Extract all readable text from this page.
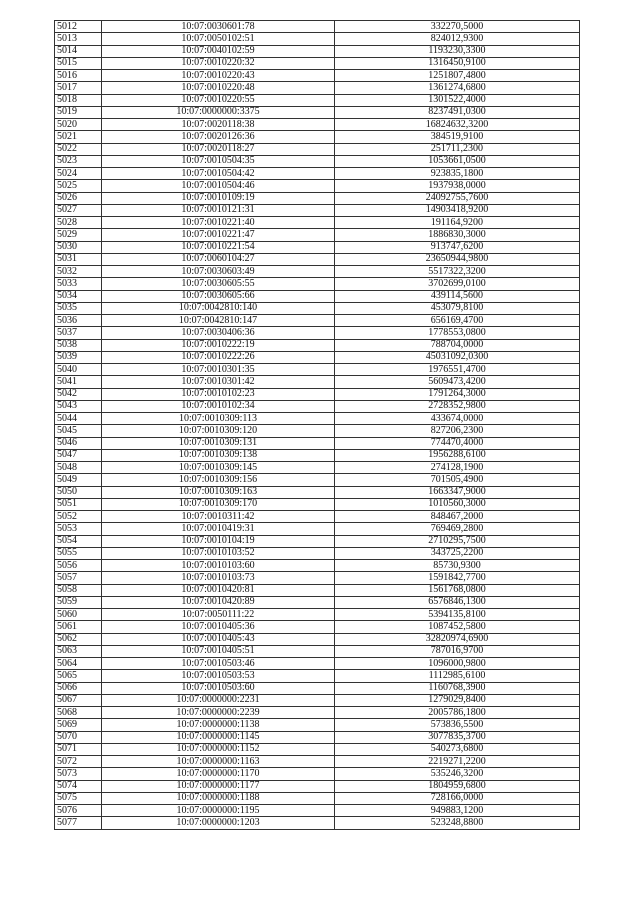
5012	10:07:0030601:78	332270,5000
5013	10:07:0050102:51	824012,9300
5014	10:07:0040102:59	1193230,3300
5015	10:07:0010220:32	1316450,9100
5016	10:07:0010220:43	1251807,4800
5017	10:07:0010220:48	1361274,6800
5018	10:07:0010220:55	1301522,4000
5019	10:07:0000000:3375	8237491,0300
5020	10:07:0020118:38	16824632,3200
5021	10:07:0020126:36	384519,9100
5022	10:07:0020118:27	251711,2300
5023	10:07:0010504:35	1053661,0500
5024	10:07:0010504:42	923835,1800
5025	10:07:0010504:46	1937938,0000
5026	10:07:0010109:19	24092755,7600
5027	10:07:0010121:31	14903418,9200
5028	10:07:0010221:40	191164,9200
5029	10:07:0010221:47	1886830,3000
5030	10:07:0010221:54	913747,6200
5031	10:07:0060104:27	23650944,9800
5032	10:07:0030603:49	5517322,3200
5033	10:07:0030605:55	3702699,0100
5034	10:07:0030605:66	439114,5600
5035	10:07:0042810:140	453079,8100
5036	10:07:0042810:147	656169,4700
5037	10:07:0030406:36	1778553,0800
5038	10:07:0010222:19	788704,0000
5039	10:07:0010222:26	45031092,0300
5040	10:07:0010301:35	1976551,4700
5041	10:07:0010301:42	5609473,4200
5042	10:07:0010102:23	1791264,3000
5043	10:07:0010102:34	2728352,9800
5044	10:07:0010309:113	433674,0000
5045	10:07:0010309:120	827206,2300
5046	10:07:0010309:131	774470,4000
5047	10:07:0010309:138	1956288,6100
5048	10:07:0010309:145	274128,1900
5049	10:07:0010309:156	701505,4900
5050	10:07:0010309:163	1663347,9000
5051	10:07:0010309:170	1010560,3000
5052	10:07:0010311:42	848467,2000
5053	10:07:0010419:31	769469,2800
5054	10:07:0010104:19	2710295,7500
5055	10:07:0010103:52	343725,2200
5056	10:07:0010103:60	85730,9300
5057	10:07:0010103:73	1591842,7700
5058	10:07:0010420:81	1561768,0800
5059	10:07:0010420:89	6576846,1300
5060	10:07:0050111:22	5394135,8100
5061	10:07:0010405:36	1087452,5800
5062	10:07:0010405:43	32820974,6900
5063	10:07:0010405:51	787016,9700
5064	10:07:0010503:46	1096000,9800
5065	10:07:0010503:53	1112985,6100
5066	10:07:0010503:60	1160768,3900
5067	10:07:0000000:2231	1279029,8400
5068	10:07:0000000:2239	2005786,1800
5069	10:07:0000000:1138	573836,5500
5070	10:07:0000000:1145	3077835,3700
5071	10:07:0000000:1152	540273,6800
5072	10:07:0000000:1163	2219271,2200
5073	10:07:0000000:1170	535246,3200
5074	10:07:0000000:1177	1804959,6800
5075	10:07:0000000:1188	728166,0000
5076	10:07:0000000:1195	949883,1200
5077	10:07:0000000:1203	523248,8800
